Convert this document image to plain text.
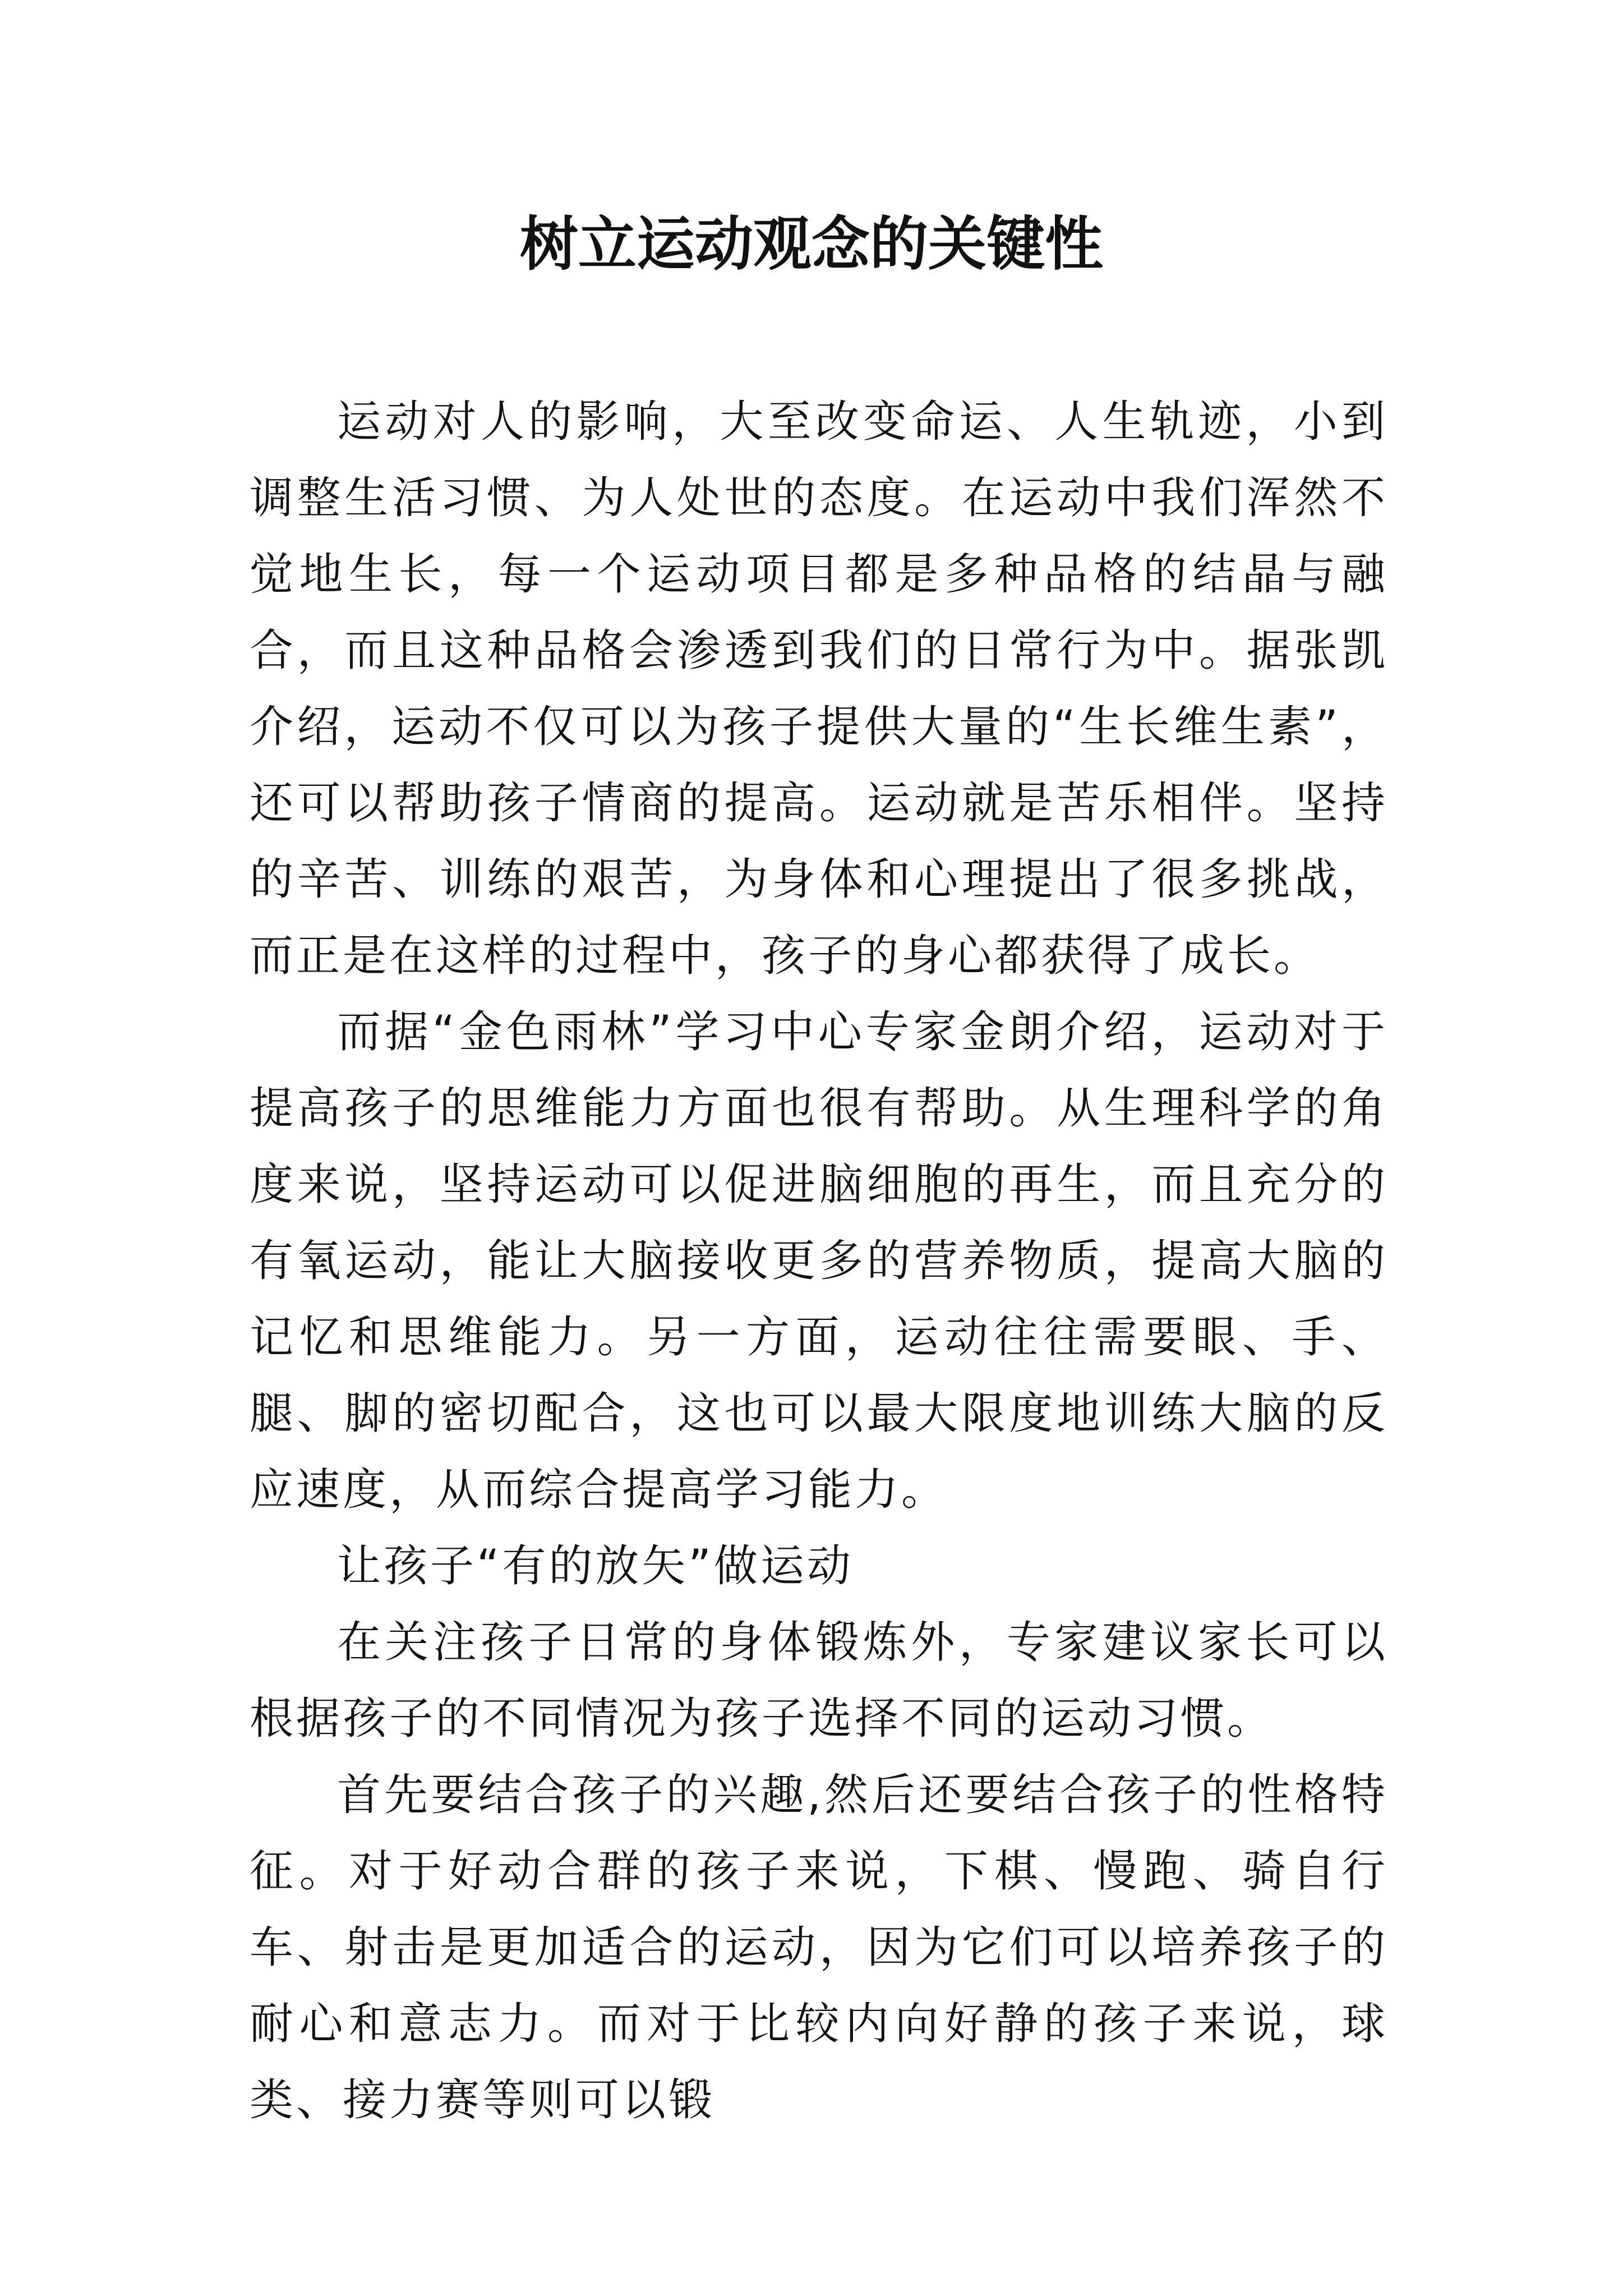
树立运动观念的关键性

运动对人的影响，大至改变命运、人生轨迹，小到调整生活习惯、为人处世的态度。在运动中我们浑然不觉地生长，每一个运动项目都是多种品格的结晶与融合，而且这种品格会渗透到我们的日常行为中。据张凯介绍，运动不仅可以为孩子提供大量的“生长维生素”，还可以帮助孩子情商的提高。运动就是苦乐相伴。坚持的辛苦、训练的艰苦，为身体和心理提出了很多挑战，而正是在这样的过程中，孩子的身心都获得了成长。

而据“金色雨林”学习中心专家金朗介绍，运动对于提高孩子的思维能力方面也很有帮助。从生理科学的角度来说，坚持运动可以促进脑细胞的再生，而且充分的有氧运动，能让大脑接收更多的营养物质，提高大脑的记忆和思维能力。另一方面，运动往往需要眼、手、腿、脚的密切配合，这也可以最大限度地训练大脑的反应速度，从而综合提高学习能力。

让孩子“有的放矢”做运动

在关注孩子日常的身体锻炼外，专家建议家长可以根据孩子的不同情况为孩子选择不同的运动习惯。

首先要结合孩子的兴趣,然后还要结合孩子的性格特征。对于好动合群的孩子来说，下棋、慢跑、骑自行车、射击是更加适合的运动，因为它们可以培养孩子的耐心和意志力。而对于比较内向好静的孩子来说，球类、接力赛等则可以锻
